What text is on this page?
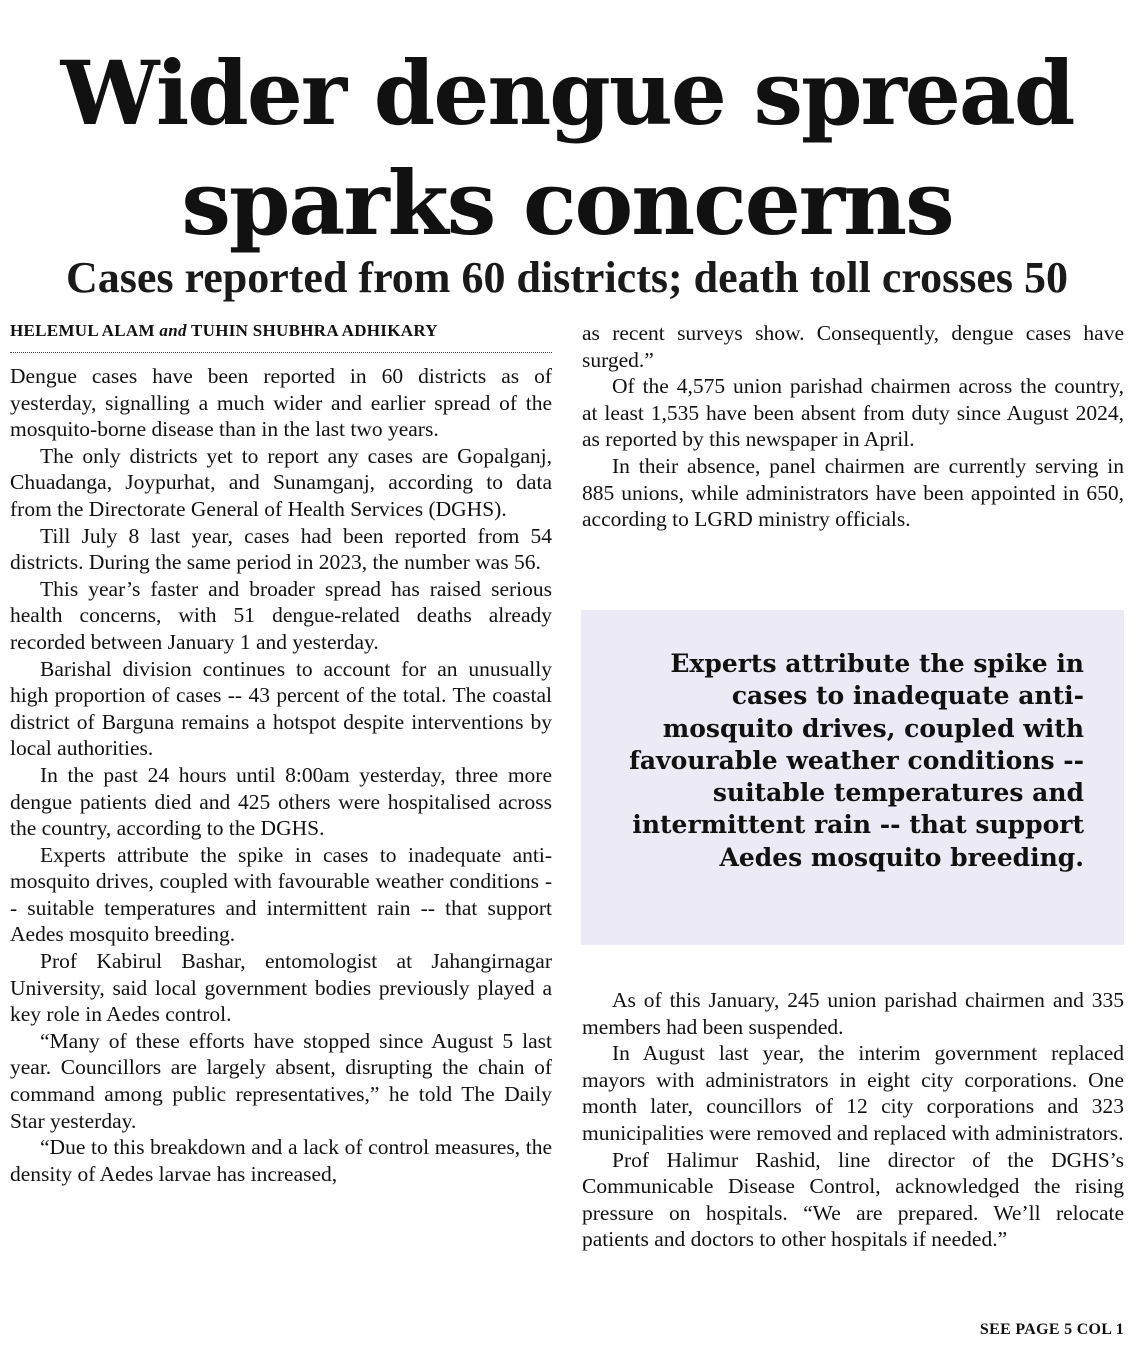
Wider dengue spread
sparks concerns
Cases reported from 60 districts; death toll crosses 50
HELEMUL ALAM and TUHIN SHUBHRA ADHIKARY

Dengue cases have been reported in 60 districts as of yesterday, signalling a much wider and earlier spread of the mosquito-borne disease than in the last two years.

The only districts yet to report any cases are Gopalganj, Chuadanga, Joypurhat, and Sunamganj, according to data from the Directorate General of Health Services (DGHS).

Till July 8 last year, cases had been reported from 54 districts. During the same period in 2023, the number was 56.

This year’s faster and broader spread has raised serious health concerns, with 51 dengue-related deaths already recorded between January 1 and yesterday.

Barishal division continues to account for an unusually high proportion of cases -- 43 percent of the total. The coastal district of Barguna remains a hotspot despite interventions by local authorities.

In the past 24 hours until 8:00am yesterday, three more dengue patients died and 425 others were hospitalised across the country, according to the DGHS.

Experts attribute the spike in cases to inadequate anti-mosquito drives, coupled with favourable weather conditions -- suitable temperatures and intermittent rain -- that support Aedes mosquito breeding.

Prof Kabirul Bashar, entomologist at Jahangirnagar University, said local government bodies previously played a key role in Aedes control.

“Many of these efforts have stopped since August 5 last year. Councillors are largely absent, disrupting the chain of command among public representatives,” he told The Daily Star yesterday.

“Due to this breakdown and a lack of control measures, the density of Aedes larvae has increased,

as recent surveys show. Consequently, dengue cases have surged.”

Of the 4,575 union parishad chairmen across the country, at least 1,535 have been absent from duty since August 2024, as reported by this newspaper in April.

In their absence, panel chairmen are currently serving in 885 unions, while administrators have been appointed in 650, according to LGRD ministry officials.

Experts attribute the spike in cases to inadequate anti-mosquito drives, coupled with favourable weather conditions -- suitable temperatures and intermittent rain -- that support Aedes mosquito breeding.

As of this January, 245 union parishad chairmen and 335 members had been suspended.

In August last year, the interim government replaced mayors with administrators in eight city corporations. One month later, councillors of 12 city corporations and 323 municipalities were removed and replaced with administrators.

Prof Halimur Rashid, line director of the DGHS’s Communicable Disease Control, acknowledged the rising pressure on hospitals. “We are prepared. We’ll relocate patients and doctors to other hospitals if needed.”

SEE PAGE 5 COL 1
